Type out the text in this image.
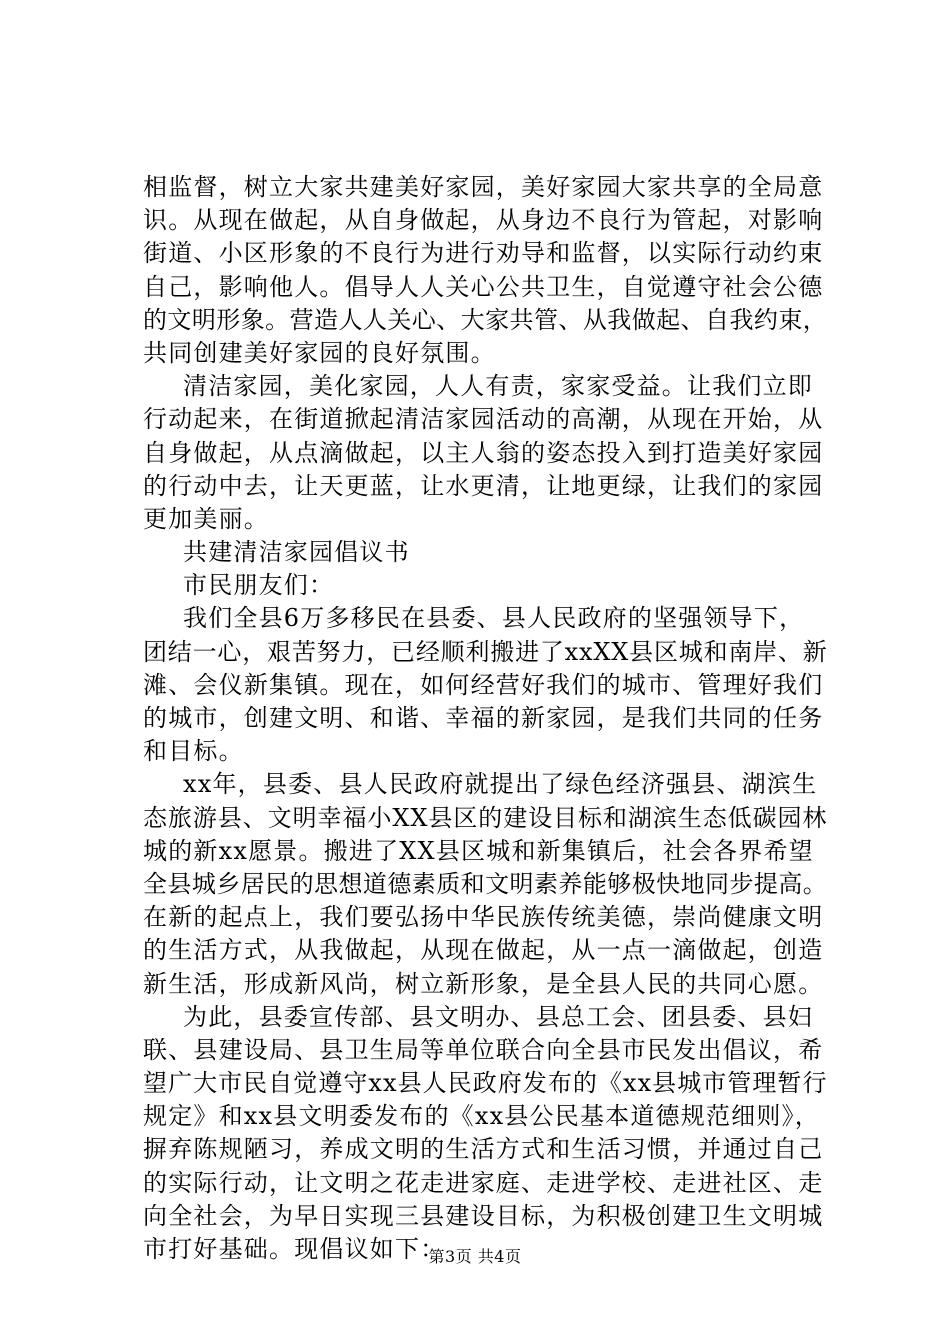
相监督，树立大家共建美好家园，美好家园大家共享的全局意
识。从现在做起，从自身做起，从身边不良行为管起，对影响
街道、小区形象的不良行为进行劝导和监督，以实际行动约束
自己，影响他人。倡导人人关心公共卫生，自觉遵守社会公德
的文明形象。营造人人关心、大家共管、从我做起、自我约束，
共同创建美好家园的良好氛围。
清洁家园，美化家园，人人有责，家家受益。让我们立即
行动起来，在街道掀起清洁家园活动的高潮，从现在开始，从
自身做起，从点滴做起，以主人翁的姿态投入到打造美好家园
的行动中去，让天更蓝，让水更清，让地更绿，让我们的家园
更加美丽。
共建清洁家园倡议书
市民朋友们：
我们全县6万多移民在县委、县人民政府的坚强领导下，
团结一心，艰苦努力，已经顺利搬进了xxXX县区城和南岸、新
滩、会仪新集镇。现在，如何经营好我们的城市、管理好我们
的城市，创建文明、和谐、幸福的新家园，是我们共同的任务
和目标。
xx年，县委、县人民政府就提出了绿色经济强县、湖滨生
态旅游县、文明幸福小XX县区的建设目标和湖滨生态低碳园林
城的新xx愿景。搬进了XX县区城和新集镇后，社会各界希望
全县城乡居民的思想道德素质和文明素养能够极快地同步提高。
在新的起点上，我们要弘扬中华民族传统美德，崇尚健康文明
的生活方式，从我做起，从现在做起，从一点一滴做起，创造
新生活，形成新风尚，树立新形象，是全县人民的共同心愿。
为此，县委宣传部、县文明办、县总工会、团县委、县妇
联、县建设局、县卫生局等单位联合向全县市民发出倡议，希
望广大市民自觉遵守xx县人民政府发布的《xx县城市管理暂行
规定》和xx县文明委发布的《xx县公民基本道德规范细则》，
摒弃陈规陋习，养成文明的生活方式和生活习惯，并通过自己
的实际行动，让文明之花走进家庭、走进学校、走进社区、走
向全社会，为早日实现三县建设目标，为积极创建卫生文明城
市打好基础。现倡议如下：
第3页 共4页
